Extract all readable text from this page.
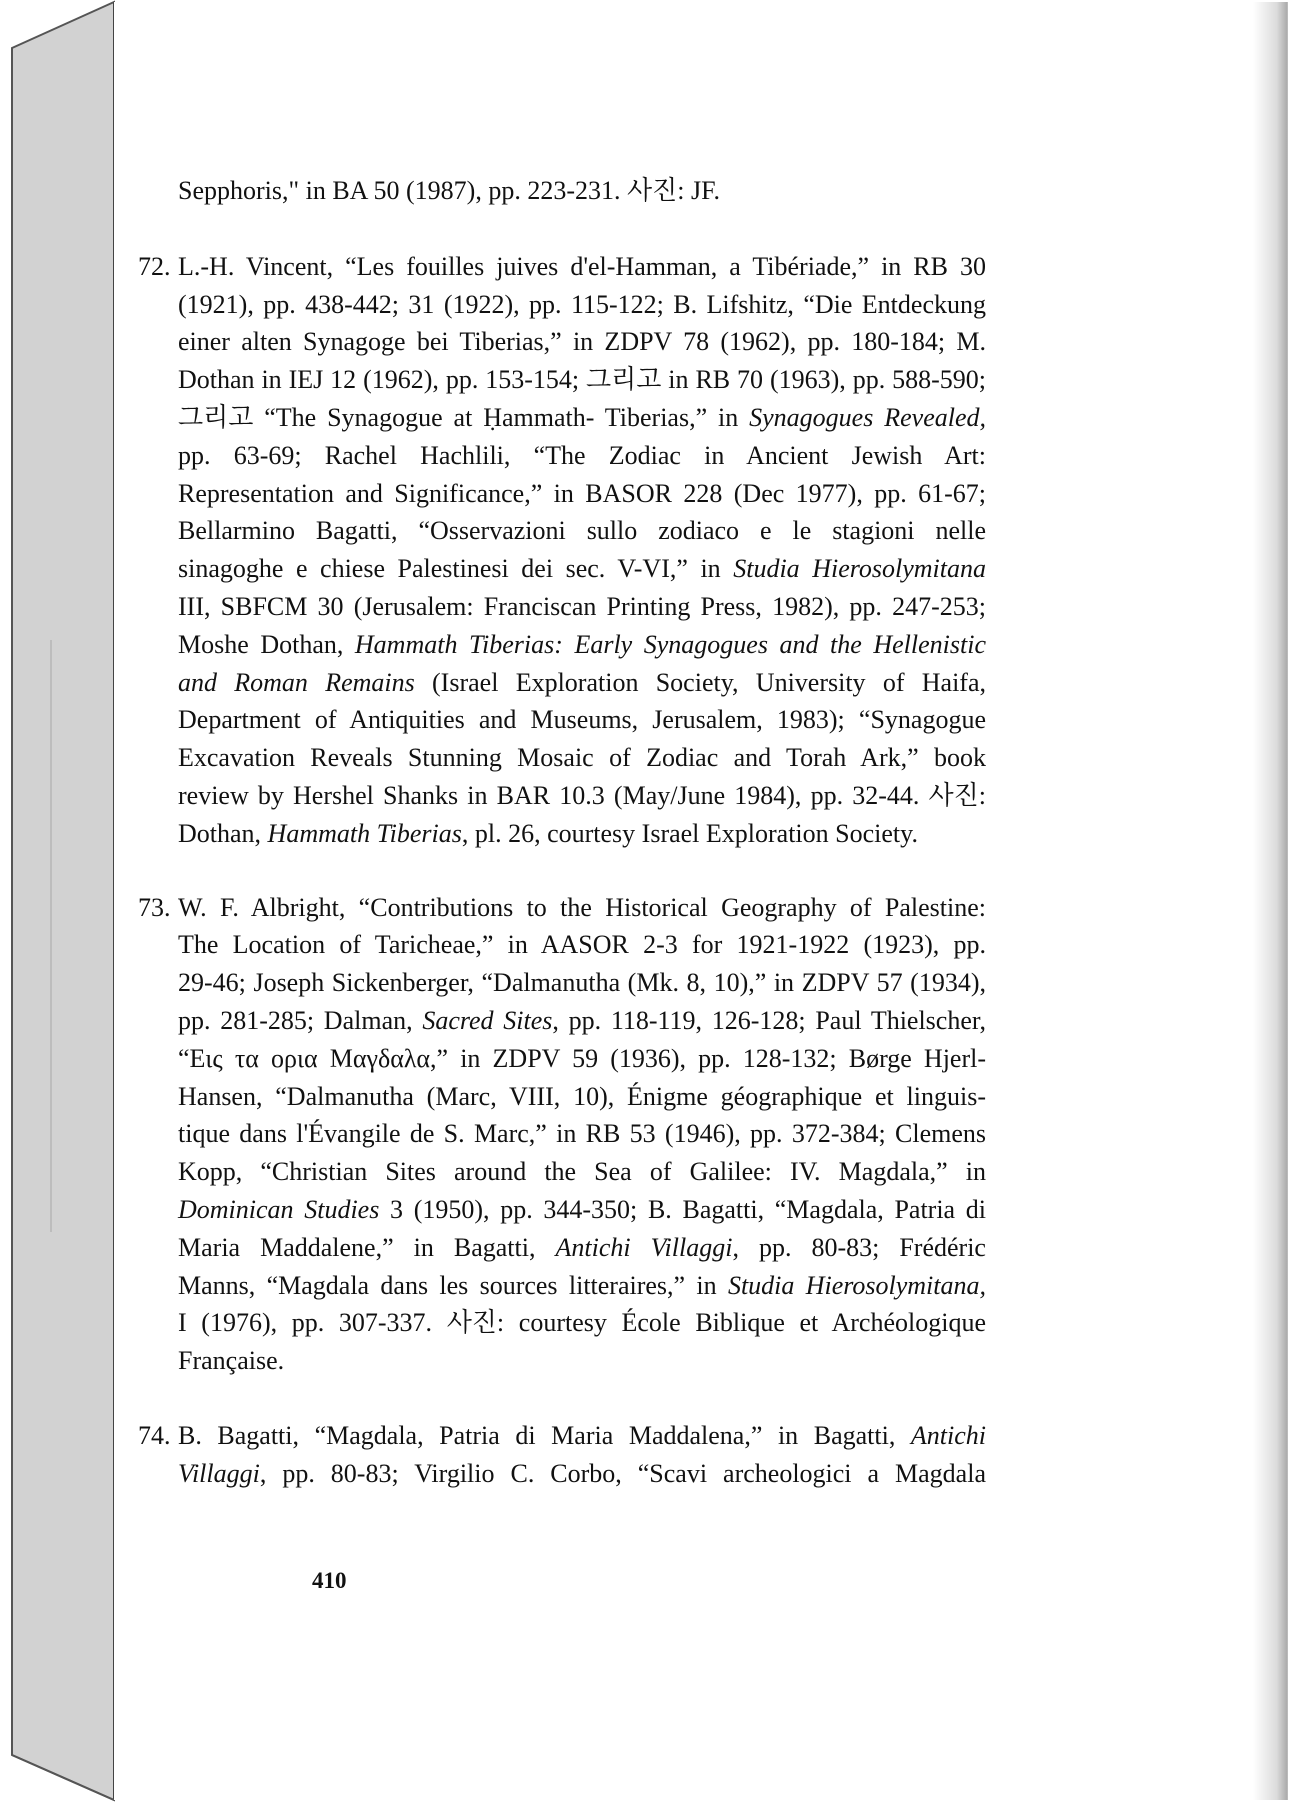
Sepphoris," in BA 50 (1987), pp. 223-231. 사진: JF.
72. L.-H. Vincent, “Les fouilles juives d'el-Hamman, a Tibériade,” in RB 30
(1921), pp. 438-442; 31 (1922), pp. 115-122; B. Lifshitz, “Die Entdeckung
einer alten Synagoge bei Tiberias,” in ZDPV 78 (1962), pp. 180-184; M.
Dothan in IEJ 12 (1962), pp. 153-154; 그리고 in RB 70 (1963), pp. 588-590;
그리고 “The Synagogue at Ḥammath- Tiberias,” in Synagogues Revealed,
pp. 63-69; Rachel Hachlili, “The Zodiac in Ancient Jewish Art:
Representation and Significance,” in BASOR 228 (Dec 1977), pp. 61-67;
Bellarmino Bagatti, “Osservazioni sullo zodiaco e le stagioni nelle
sinagoghe e chiese Palestinesi dei sec. V-VI,” in Studia Hierosolymitana
III, SBFCM 30 (Jerusalem: Franciscan Printing Press, 1982), pp. 247-253;
Moshe Dothan, Hammath Tiberias: Early Synagogues and the Hellenistic
and Roman Remains (Israel Exploration Society, University of Haifa,
Department of Antiquities and Museums, Jerusalem, 1983); “Synagogue
Excavation Reveals Stunning Mosaic of Zodiac and Torah Ark,” book
review by Hershel Shanks in BAR 10.3 (May/June 1984), pp. 32-44. 사진:
Dothan, Hammath Tiberias, pl. 26, courtesy Israel Exploration Society.
73. W. F. Albright, “Contributions to the Historical Geography of Palestine:
The Location of Taricheae,” in AASOR 2-3 for 1921-1922 (1923), pp.
29-46; Joseph Sickenberger, “Dalmanutha (Mk. 8, 10),” in ZDPV 57 (1934),
pp. 281-285; Dalman, Sacred Sites, pp. 118-119, 126-128; Paul Thielscher,
“Εις τα ορια Μαγδαλα,” in ZDPV 59 (1936), pp. 128-132; Børge Hjerl-
Hansen, “Dalmanutha (Marc, VIII, 10), Énigme géographique et linguis-
tique dans l'Évangile de S. Marc,” in RB 53 (1946), pp. 372-384; Clemens
Kopp, “Christian Sites around the Sea of Galilee: IV. Magdala,” in
Dominican Studies 3 (1950), pp. 344-350; B. Bagatti, “Magdala, Patria di
Maria Maddalene,” in Bagatti, Antichi Villaggi, pp. 80-83; Frédéric
Manns, “Magdala dans les sources litteraires,” in Studia Hierosolymitana,
I (1976), pp. 307-337. 사진: courtesy École Biblique et Archéologique
Française.
74. B. Bagatti, “Magdala, Patria di Maria Maddalena,” in Bagatti, Antichi
Villaggi, pp. 80-83; Virgilio C. Corbo, “Scavi archeologici a Magdala
410
